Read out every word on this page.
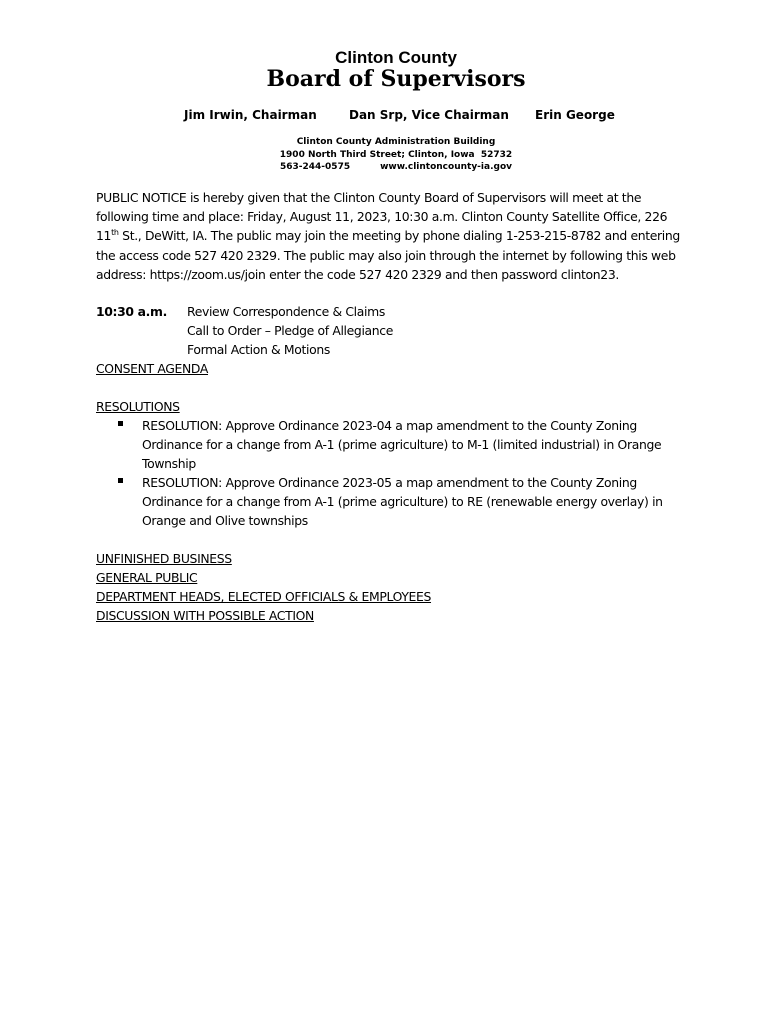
Clinton County
Board of Supervisors
Jim Irwin, Chairman	Dan Srp, Vice Chairman Erin George
Clinton County Administration Building
1900 North Third Street; Clinton, Iowa  52732
563-244-0575	www.clintoncounty-ia.gov
PUBLIC NOTICE is hereby given that the Clinton County Board of Supervisors will meet at the
following time and place: Friday, August 11, 2023, 10:30 a.m. Clinton County Satellite Office, 226
11th St., DeWitt, IA. The public may join the meeting by phone dialing 1-253-215-8782 and entering
the access code 527 420 2329. The public may also join through the internet by following this web
address: https://zoom.us/join enter the code 527 420 2329 and then password clinton23.
10:30 a.m. Review Correspondence & Claims
Call to Order – Pledge of Allegiance
Formal Action & Motions
CONSENT AGENDA
RESOLUTIONS
RESOLUTION: Approve Ordinance 2023-04 a map amendment to the County Zoning
Ordinance for a change from A-1 (prime agriculture) to M-1 (limited industrial) in Orange
Township
RESOLUTION: Approve Ordinance 2023-05 a map amendment to the County Zoning
Ordinance for a change from A-1 (prime agriculture) to RE (renewable energy overlay) in
Orange and Olive townships
UNFINISHED BUSINESS
GENERAL PUBLIC
DEPARTMENT HEADS, ELECTED OFFICIALS & EMPLOYEES
DISCUSSION WITH POSSIBLE ACTION
